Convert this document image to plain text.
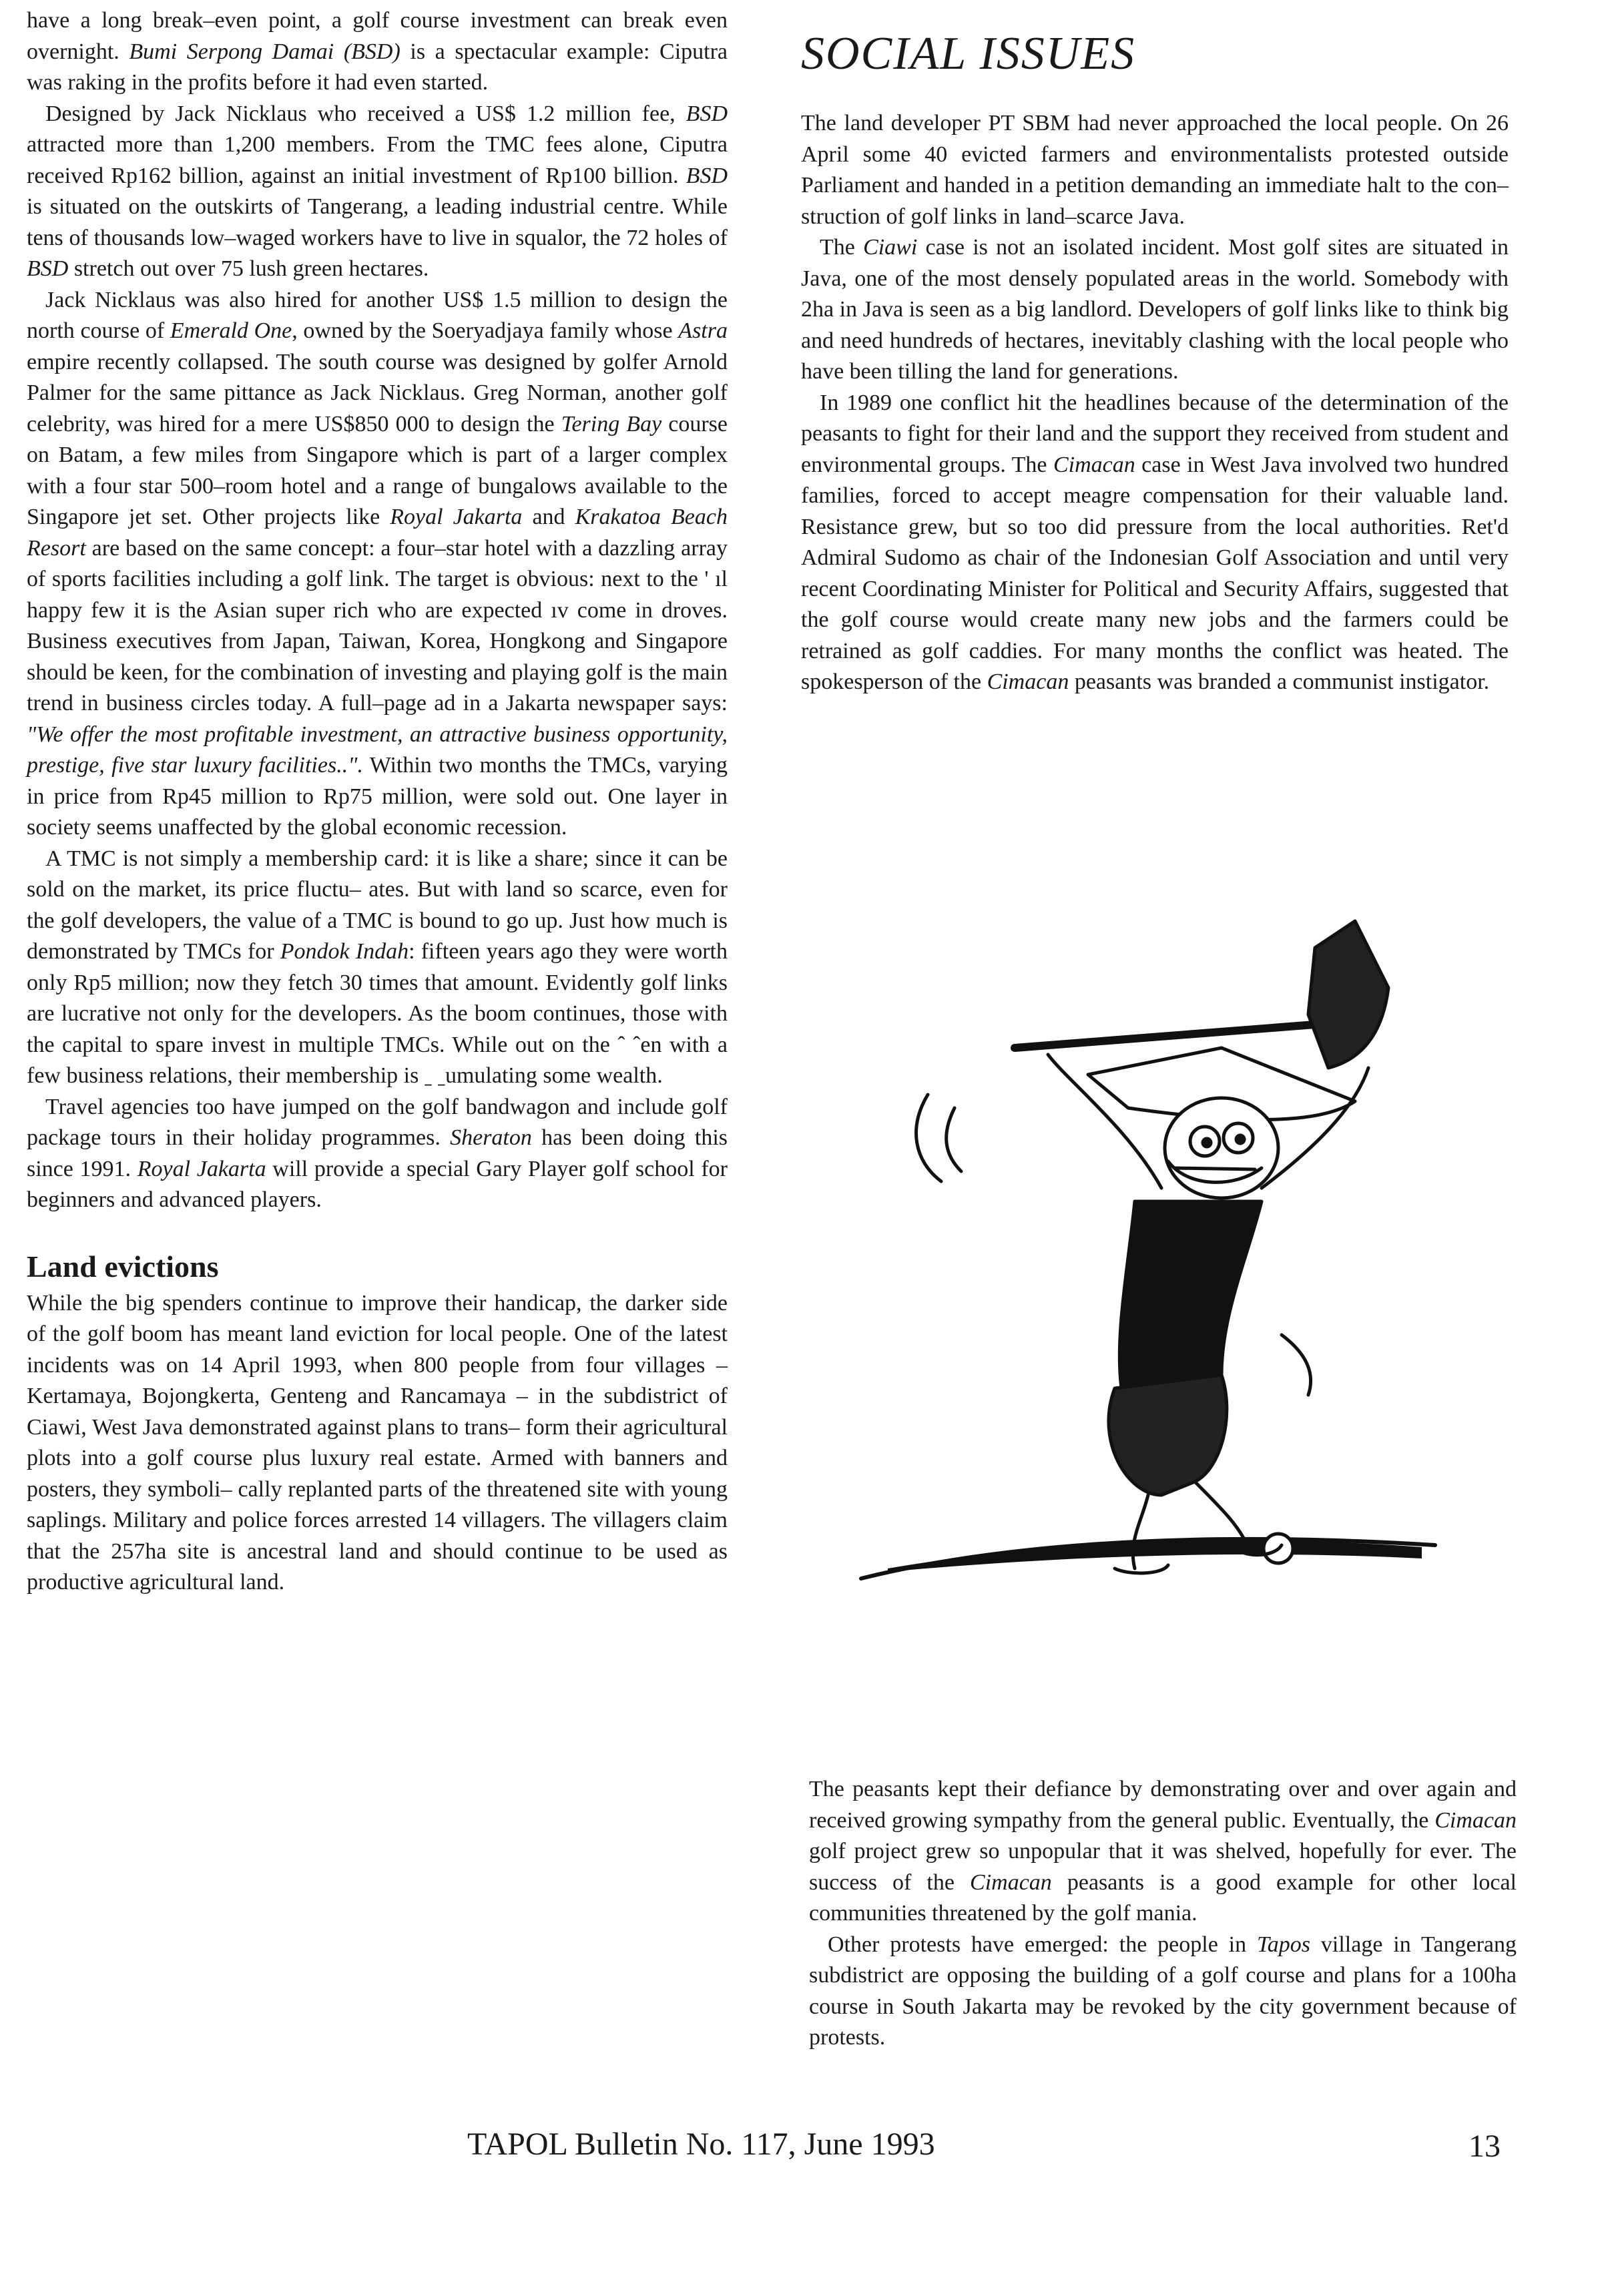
have a long break–even point, a golf course investment can break even overnight. Bumi Serpong Damai (BSD) is a spectacular example: Ciputra was raking in the profits before it had even started.

Designed by Jack Nicklaus who received a US$ 1.2 million fee, BSD attracted more than 1,200 members. From the TMC fees alone, Ciputra received Rp162 billion, against an initial investment of Rp100 billion. BSD is situated on the outskirts of Tangerang, a leading industrial centre. While tens of thousands low–waged workers have to live in squalor, the 72 holes of BSD stretch out over 75 lush green hectares.

Jack Nicklaus was also hired for another US$ 1.5 million to design the north course of Emerald One, owned by the Soeryadjaya family whose Astra empire recently collapsed. The south course was designed by golfer Arnold Palmer for the same pittance as Jack Nicklaus. Greg Norman, another golf celebrity, was hired for a mere US$850 000 to design the Tering Bay course on Batam, a few miles from Singapore which is part of a larger complex with a four star 500–room hotel and a range of bungalows available to the Singapore jet set. Other projects like Royal Jakarta and Krakatoa Beach Resort are based on the same concept: a four–star hotel with a dazzling array of sports facilities including a golf link. The target is obvious: next to the ' ıl happy few it is the Asian super rich who are expected ıv come in droves. Business executives from Japan, Taiwan, Korea, Hongkong and Singapore should be keen, for the combination of investing and playing golf is the main trend in business circles today. A full–page ad in a Jakarta newspaper says: "We offer the most profitable investment, an attractive business opportunity, prestige, five star luxury facilities..". Within two months the TMCs, varying in price from Rp45 million to Rp75 million, were sold out. One layer in society seems unaffected by the global economic recession.

A TMC is not simply a membership card: it is like a share; since it can be sold on the market, its price fluctu– ates. But with land so scarce, even for the golf developers, the value of a TMC is bound to go up. Just how much is demonstrated by TMCs for Pondok Indah: fifteen years ago they were worth only Rp5 million; now they fetch 30 times that amount. Evidently golf links are lucrative not only for the developers. As the boom continues, those with the capital to spare invest in multiple TMCs. While out on the ˆ ˆen with a few business relations, their membership is ˍ ˍumulating some wealth.

Travel agencies too have jumped on the golf bandwagon and include golf package tours in their holiday programmes. Sheraton has been doing this since 1991. Royal Jakarta will provide a special Gary Player golf school for beginners and advanced players.

Land evictions

While the big spenders continue to improve their handicap, the darker side of the golf boom has meant land eviction for local people. One of the latest incidents was on 14 April 1993, when 800 people from four villages – Kertamaya, Bojongkerta, Genteng and Rancamaya – in the subdistrict of Ciawi, West Java demonstrated against plans to trans– form their agricultural plots into a golf course plus luxury real estate. Armed with banners and posters, they symboli– cally replanted parts of the threatened site with young saplings. Military and police forces arrested 14 villagers. The villagers claim that the 257ha site is ancestral land and should continue to be used as productive agricultural land.

SOCIAL ISSUES

The land developer PT SBM had never approached the local people. On 26 April some 40 evicted farmers and environmentalists protested outside Parliament and handed in a petition demanding an immediate halt to the con– struction of golf links in land–scarce Java.

The Ciawi case is not an isolated incident. Most golf sites are situated in Java, one of the most densely populated areas in the world. Somebody with 2ha in Java is seen as a big landlord. Developers of golf links like to think big and need hundreds of hectares, inevitably clashing with the local people who have been tilling the land for generations.

In 1989 one conflict hit the headlines because of the determination of the peasants to fight for their land and the support they received from student and environmental groups. The Cimacan case in West Java involved two hundred families, forced to accept meagre compensation for their valuable land. Resistance grew, but so too did pressure from the local authorities. Ret'd Admiral Sudomo as chair of the Indonesian Golf Association and until very recent Coordinating Minister for Political and Security Affairs, suggested that the golf course would create many new jobs and the farmers could be retrained as golf caddies. For many months the conflict was heated. The spokesperson of the Cimacan peasants was branded a communist instigator.

The peasants kept their defiance by demonstrating over and over again and received growing sympathy from the general public. Eventually, the Cimacan golf project grew so unpopular that it was shelved, hopefully for ever. The success of the Cimacan peasants is a good example for other local communities threatened by the golf mania.

Other protests have emerged: the people in Tapos village in Tangerang subdistrict are opposing the building of a golf course and plans for a 100ha course in South Jakarta may be revoked by the city government because of protests.

TAPOL Bulletin No. 117, June 1993	13
